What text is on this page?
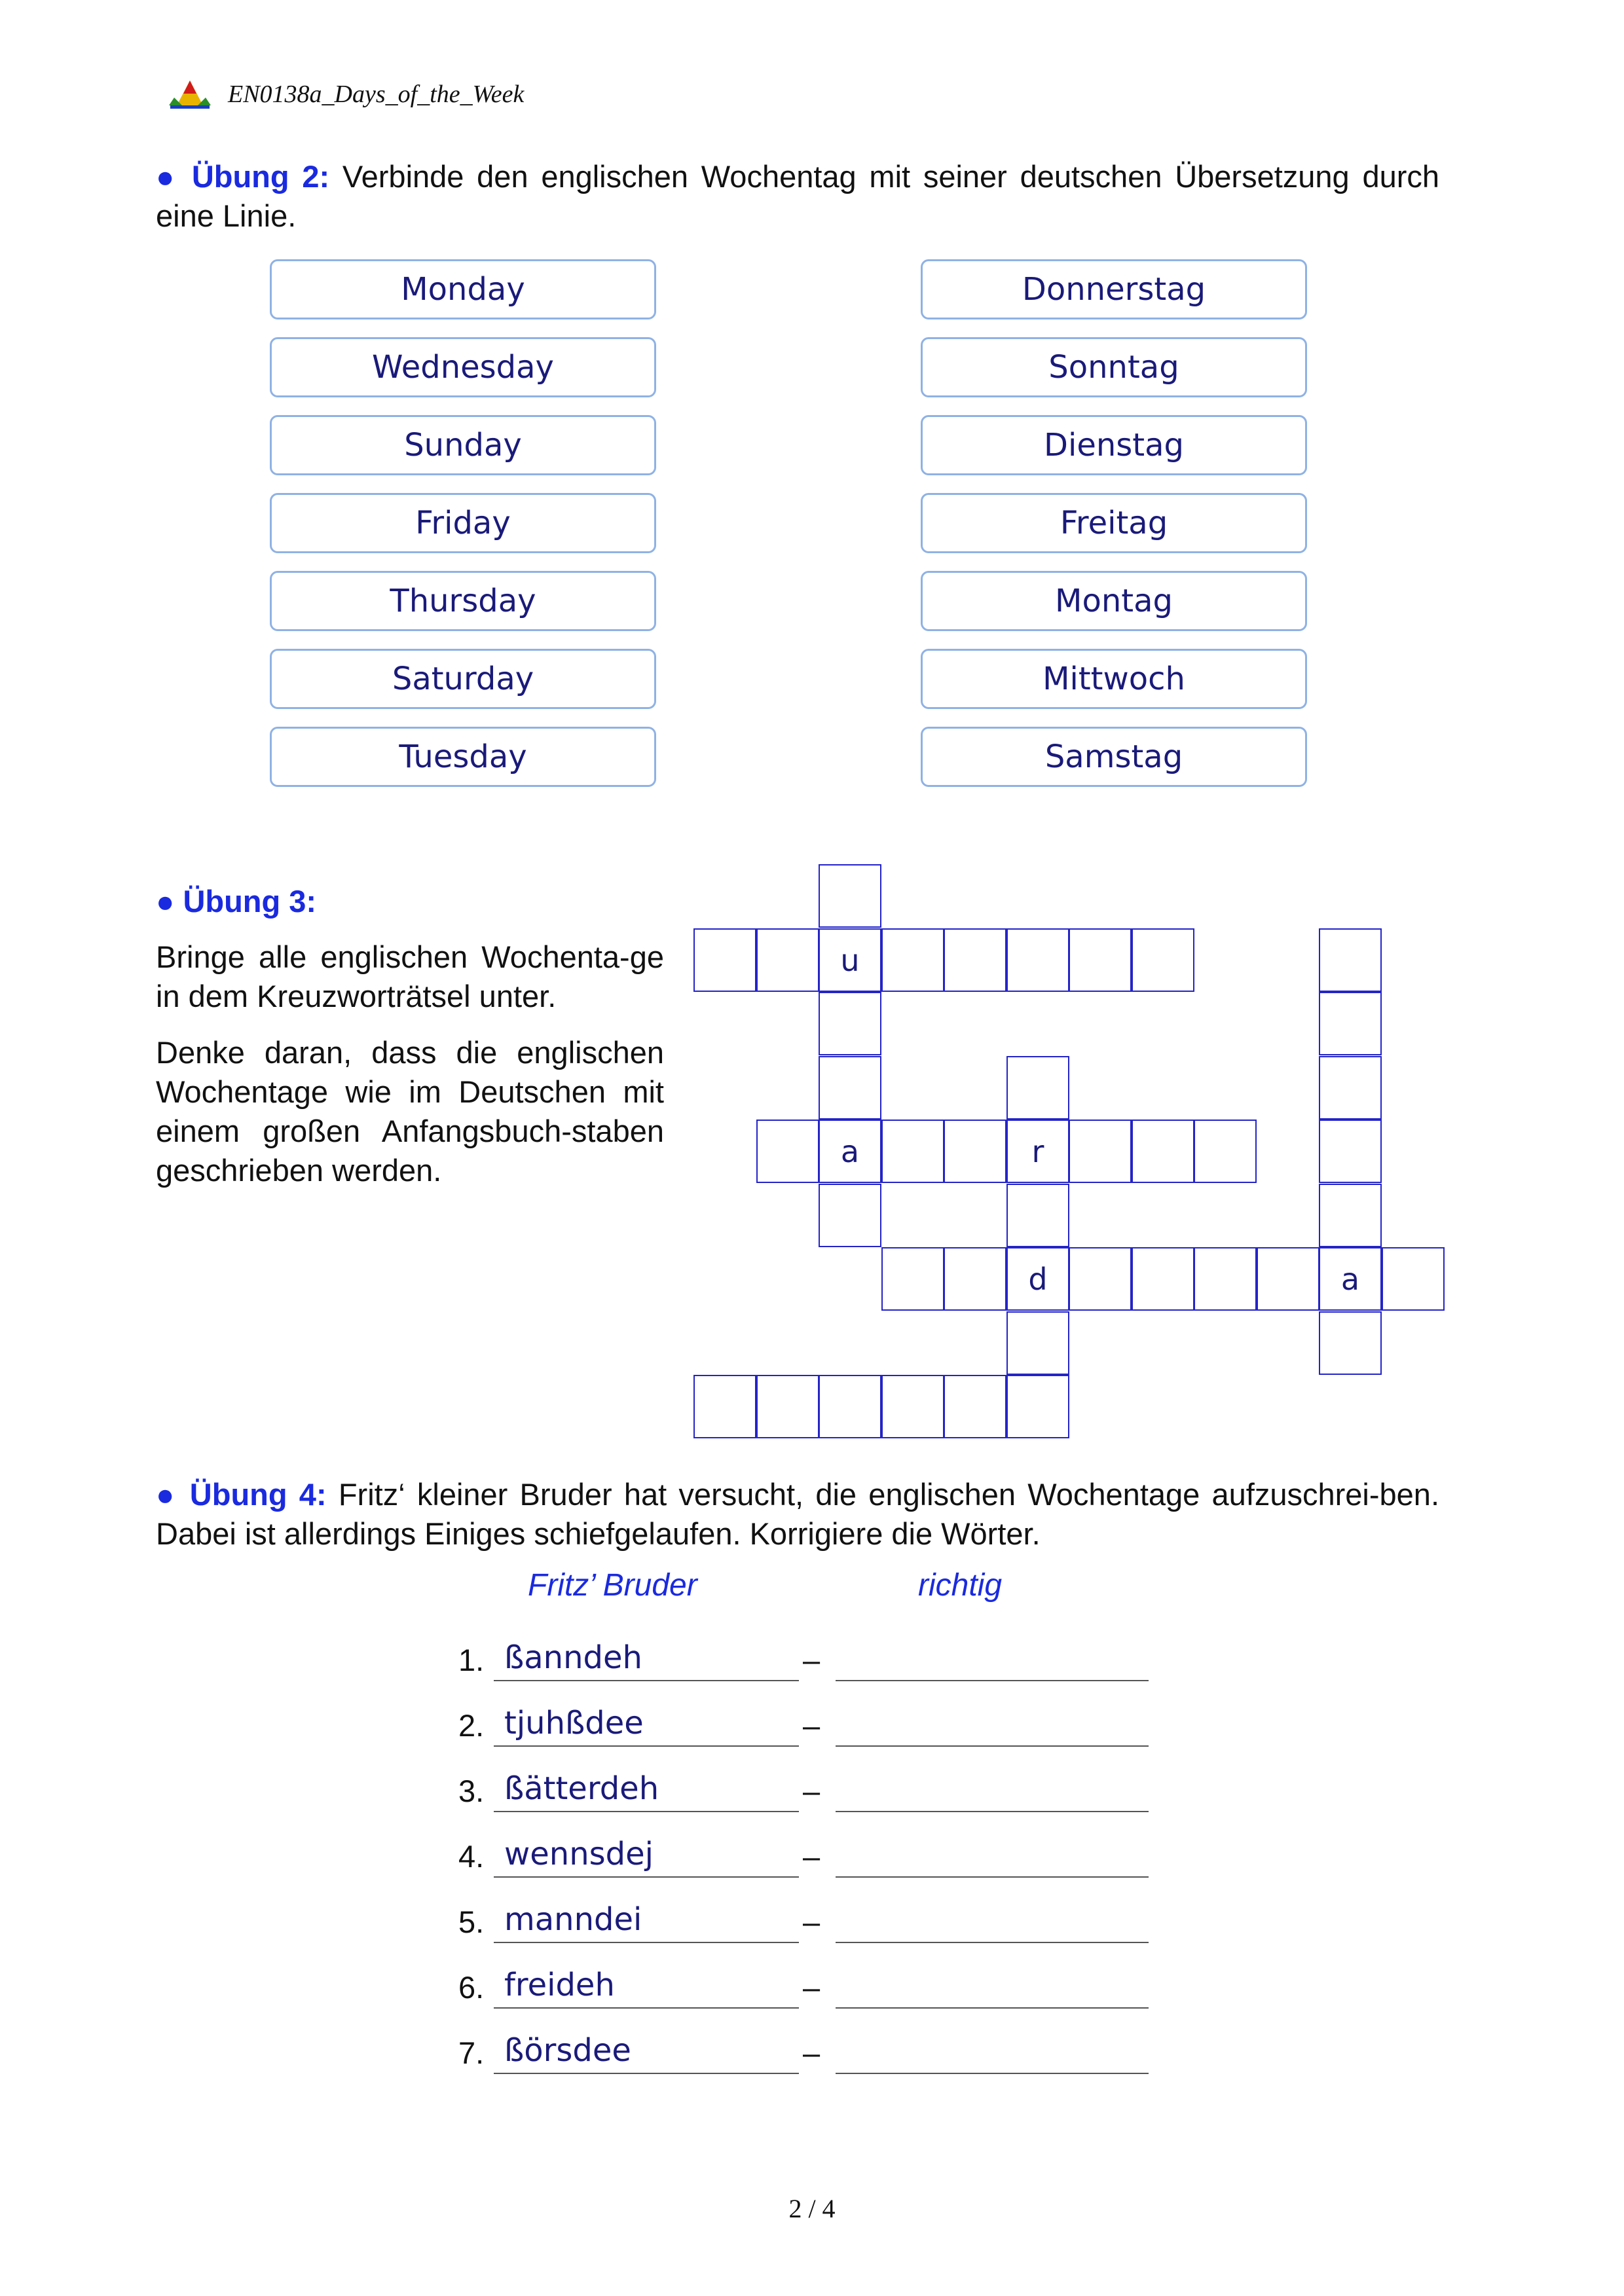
EN0138a_Days_of_the_Week
● Übung 2: Verbinde den englischen Wochentag mit seiner deutschen Übersetzung durch eine Linie.
Monday
Wednesday
Sunday
Friday
Thursday
Saturday
Tuesday
Donnerstag
Sonntag
Dienstag
Freitag
Montag
Mittwoch
Samstag
● Übung 3:
Bringe alle englischen Wochenta-ge in dem Kreuzworträtsel unter.
Denke daran, dass die englischen Wochentage wie im Deutschen mit einem großen Anfangsbuch-staben geschrieben werden.
u
a	r
d	a
● Übung 4: Fritz‘ kleiner Bruder hat versucht, die englischen Wochentage aufzuschrei-ben. Dabei ist allerdings Einiges schiefgelaufen. Korrigiere die Wörter.
Fritz’ Bruder	richtig
1. ßanndeh	–
2. tjuhßdee	–
3. ßätterdeh	–
4. wennsdej	–
5. manndei	–
6. freideh	–
7. ßörsdee	–
2 / 4
